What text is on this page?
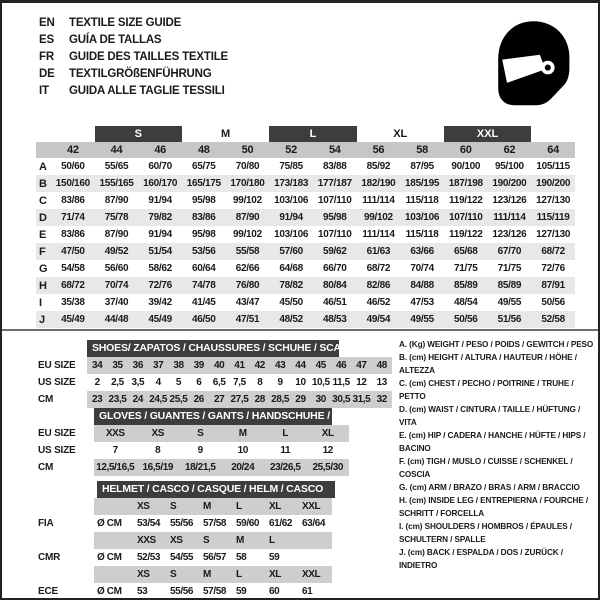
EN	TEXTILE SIZE GUIDE
ES	GUÍA DE TALLAS
FR	GUIDE DES TAILLES TEXTILE
DE	TEXTILGRÖßENFÜHRUNG
IT	GUIDA ALLE TAGLIE TESSILI
		S		M		L		XL		XXL		
	42	44	46	48	50	52	54	56	58	60	62	64
A	50/60	55/65	60/70	65/75	70/80	75/85	83/88	85/92	87/95	90/100	95/100	105/115
B	150/160	155/165	160/170	165/175	170/180	173/183	177/187	182/190	185/195	187/198	190/200	190/200
C	83/86	87/90	91/94	95/98	99/102	103/106	107/110	111/114	115/118	119/122	123/126	127/130
D	71/74	75/78	79/82	83/86	87/90	91/94	95/98	99/102	103/106	107/110	111/114	115/119
E	83/86	87/90	91/94	95/98	99/102	103/106	107/110	111/114	115/118	119/122	123/126	127/130
F	47/50	49/52	51/54	53/56	55/58	57/60	59/62	61/63	63/66	65/68	67/70	68/72
G	54/58	56/60	58/62	60/64	62/66	64/68	66/70	68/72	70/74	71/75	71/75	72/76
H	68/72	70/74	72/76	74/78	76/80	78/82	80/84	82/86	84/88	85/89	85/89	87/91
I	35/38	37/40	39/42	41/45	43/47	45/50	46/51	46/52	47/53	48/54	49/55	50/56
J	45/49	44/48	45/49	46/50	47/51	48/52	48/53	49/54	49/55	50/56	51/56	52/58

	SHOES/ ZAPATOS / CHAUSSURES / SCHUHE / SCARPE														

EU SIZE	34	35	36	37	38	39	40	41	42	43	44	45	46	47	48
US SIZE	2	2,5	3,5	4	5	6	6,5	7,5	8	9	10	10,5	11,5	12	13
CM	23	23,5	24	24,5	25,5	26	27	27,5	28	28,5	29	30	30,5	31,5	32

	GLOVES / GUANTES / GANTS / HANDSCHUHE / GUANTI					

EU SIZE	XXS	XS	S	M	L	XL
US SIZE	7	8	9	10	11	12
CM	12,5/16,5	16,5/19	18/21,5	20/24	23/26,5	25,5/30

	HELMET / CASCO / CASQUE / HELM / CASCO						

		XS	S	M	L	XL	XXL
FIA	Ø CM	53/54	55/56	57/58	59/60	61/62	63/64
		XXS	XS	S	M	L	
CMR	Ø CM	52/53	54/55	56/57	58	59	
		XS	S	M	L	XL	XXL
ECE	Ø CM	53	55/56	57/58	59	60	61
A. (Kg) WEIGHT / PESO / POIDS / GEWITCH / PESO
B. (cm) HEIGHT / ALTURA / HAUTEUR / HÖHE / ALTEZZA
C. (cm) CHEST / PECHO / POITRINE / TRUHE / PETTO
D. (cm) WAIST / CINTURA / TAILLE / HÜFTUNG / VITA
E. (cm) HIP / CADERA / HANCHE / HÜFTE / HIPS / BACINO
F. (cm) TIGH / MUSLO / CUISSE / SCHENKEL / COSCIA
G. (cm) ARM / BRAZO / BRAS / ARM / BRACCIO
H. (cm) INSIDE LEG / ENTREPIERNA / FOURCHE / SCHRITT / FORCELLA
I. (cm) SHOULDERS / HOMBROS / ÉPAULES / SCHULTERN / SPALLE
J. (cm) BACK / ESPALDA / DOS / ZURÜCK / INDIETRO
